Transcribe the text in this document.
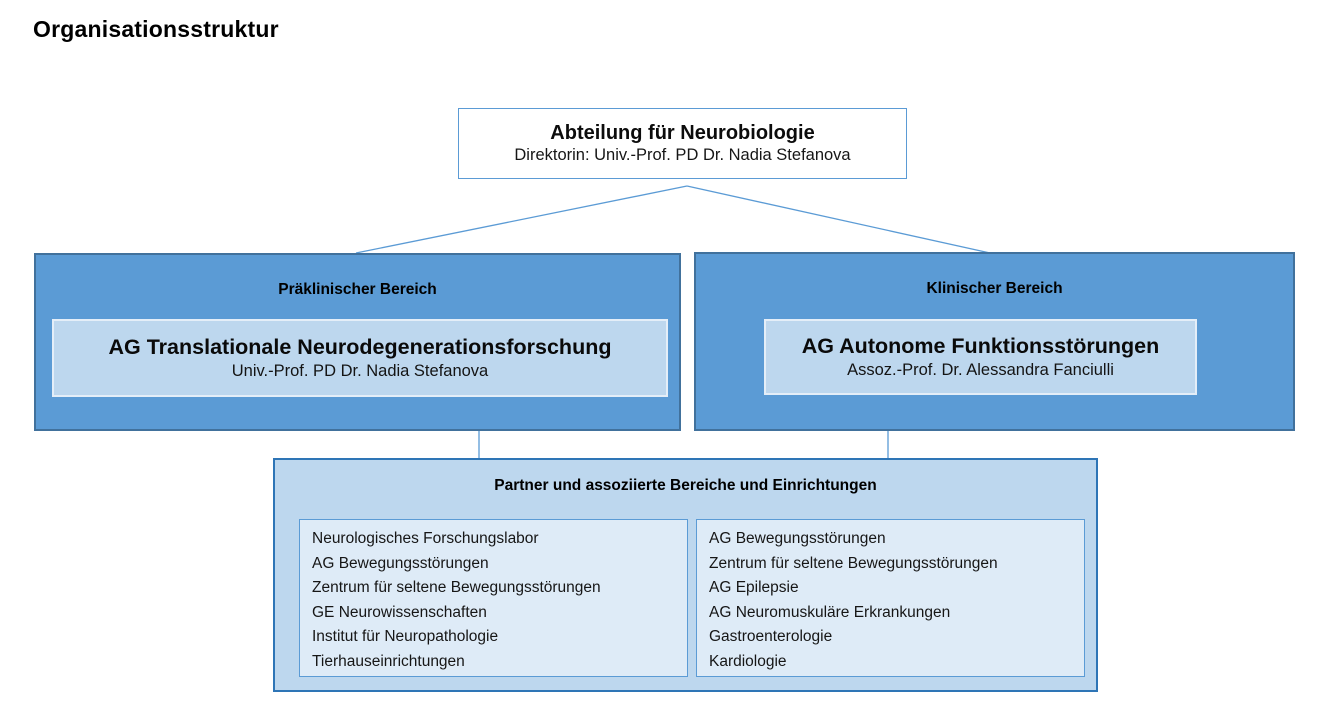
Organisationsstruktur
Abteilung für Neurobiologie
Direktorin: Univ.-Prof. PD Dr. Nadia Stefanova
Präklinischer Bereich
AG Translationale Neurodegenerationsforschung
Univ.-Prof. PD Dr. Nadia Stefanova
Klinischer Bereich
AG Autonome Funktionsstörungen
Assoz.-Prof. Dr. Alessandra Fanciulli
Partner und assoziierte Bereiche und Einrichtungen
Neurologisches Forschungslabor
AG Bewegungsstörungen
Zentrum für seltene Bewegungsstörungen
GE Neurowissenschaften
Institut für Neuropathologie
Tierhauseinrichtungen
AG Bewegungsstörungen
Zentrum für seltene Bewegungsstörungen
AG Epilepsie
AG Neuromuskuläre Erkrankungen
Gastroenterologie
Kardiologie
